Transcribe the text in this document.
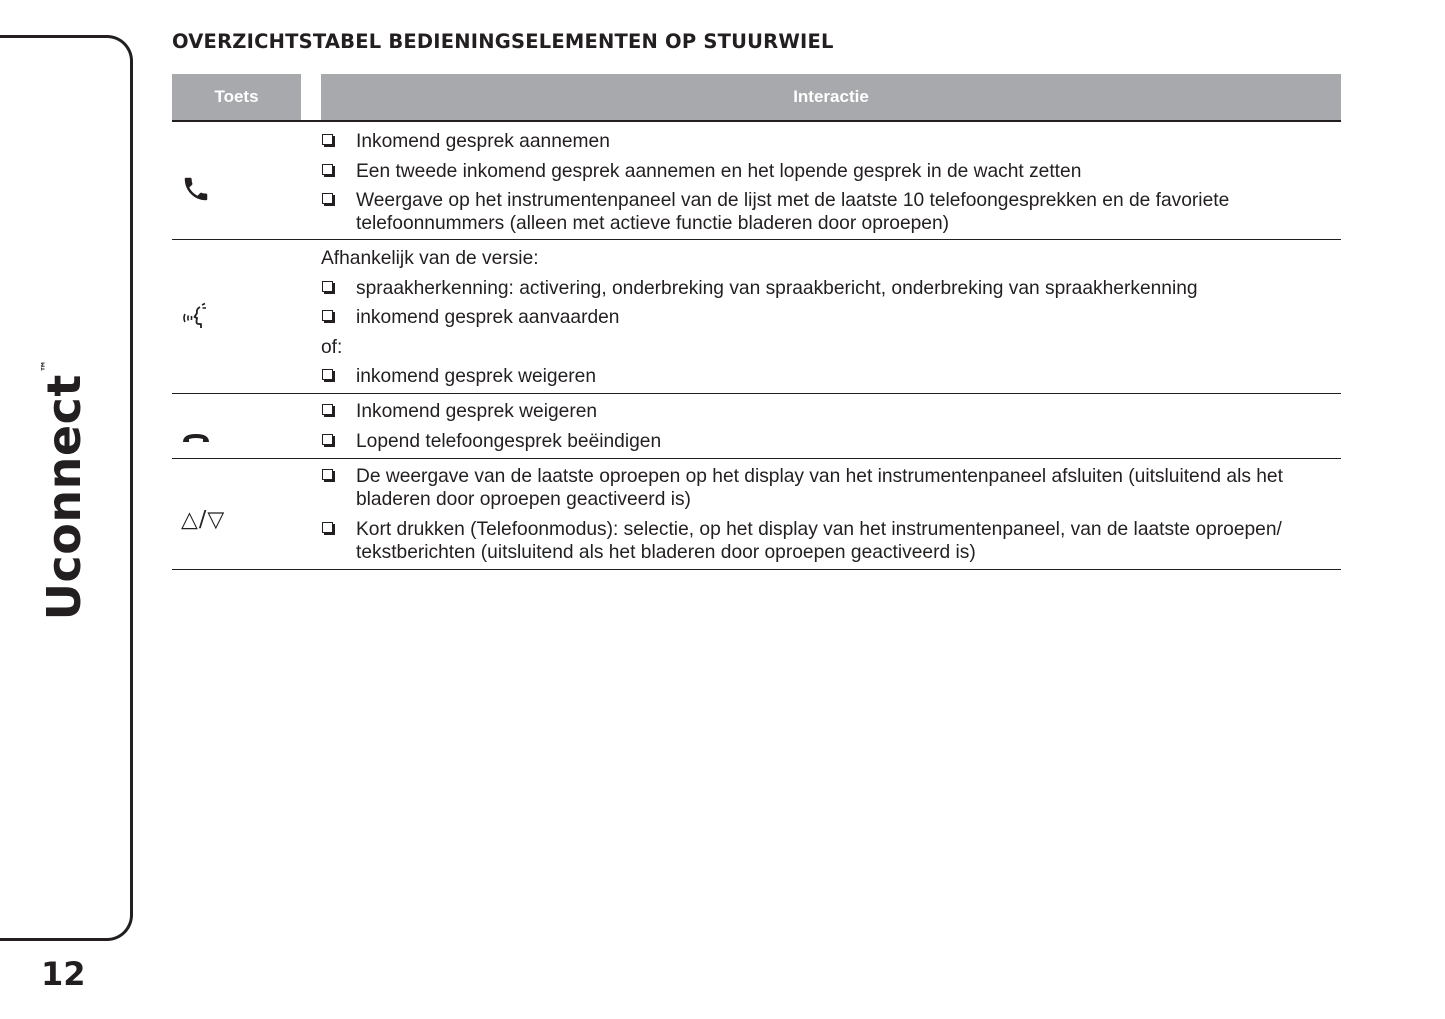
Uconnect™
12
OVERZICHTSTABEL BEDIENINGSELEMENTEN OP STUURWIEL
Toets	Interactie
Inkomend gesprek aannemen
Een tweede inkomend gesprek aannemen en het lopende gesprek in de wacht zetten
Weergave op het instrumentenpaneel van de lijst met de laatste 10 telefoongesprekken en de favoriete telefoonnummers (alleen met actieve functie bladeren door oproepen)
Afhankelijk van de versie:
spraakherkenning: activering, onderbreking van spraakbericht, onderbreking van spraakherkenning
inkomend gesprek aanvaarden
of:
inkomend gesprek weigeren
Inkomend gesprek weigeren
Lopend telefoongesprek beëindigen
△/▽
De weergave van de laatste oproepen op het display van het instrumentenpaneel afsluiten (uitsluitend als het bladeren door oproepen geactiveerd is)
Kort drukken (Telefoonmodus): selectie, op het display van het instrumentenpaneel, van de laatste oproepen/ tekstberichten (uitsluitend als het bladeren door oproepen geactiveerd is)
